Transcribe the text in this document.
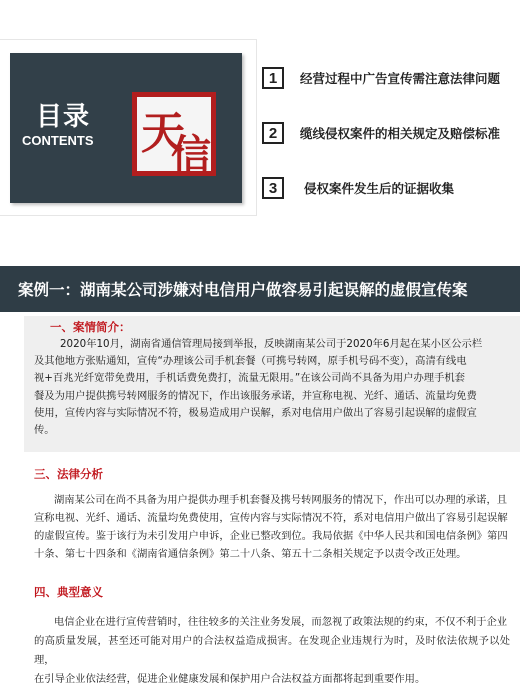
目录
CONTENTS 天
信
1	经营过程中广告宣传需注意法律问题
2	缆线侵权案件的相关规定及赔偿标准
3	侵权案件发生后的证据收集
案例一：湖南某公司涉嫌对电信用户做容易引起误解的虚假宣传案
一、案情简介：
2020年10月，湖南省通信管理局接到举报，反映湖南某公司于2020年6月起在某小区公示栏
及其他地方张贴通知，宣传“办理该公司手机套餐（可携号转网，原手机号码不变），高清有线电
视+百兆光纤宽带免费用，手机话费免费打，流量无限用。”在该公司尚不具备为用户办理手机套
餐及为用户提供携号转网服务的情况下，作出该服务承诺，并宣称电视、光纤、通话、流量均免费
使用，宣传内容与实际情况不符，极易造成用户误解，系对电信用户做出了容易引起误解的虚假宣
传。
三、法律分析
湖南某公司在尚不具备为用户提供办理手机套餐及携号转网服务的情况下，作出可以办理的承诺，且
宣称电视、光纤、通话、流量均免费使用，宣传内容与实际情况不符，系对电信用户做出了容易引起误解
的虚假宣传。鉴于该行为未引发用户申诉，企业已整改到位。我局依据《中华人民共和国电信条例》第四
十条、第七十四条和《湖南省通信条例》第二十八条、第五十二条相关规定予以责令改正处理。
四、典型意义
电信企业在进行宣传营销时，往往较多的关注业务发展，而忽视了政策法规的约束，不仅不利于企业
的高质量发展，甚至还可能对用户的合法权益造成损害。在发现企业违规行为时，及时依法依规予以处理，
在引导企业依法经营，促进企业健康发展和保护用户合法权益方面都将起到重要作用。
